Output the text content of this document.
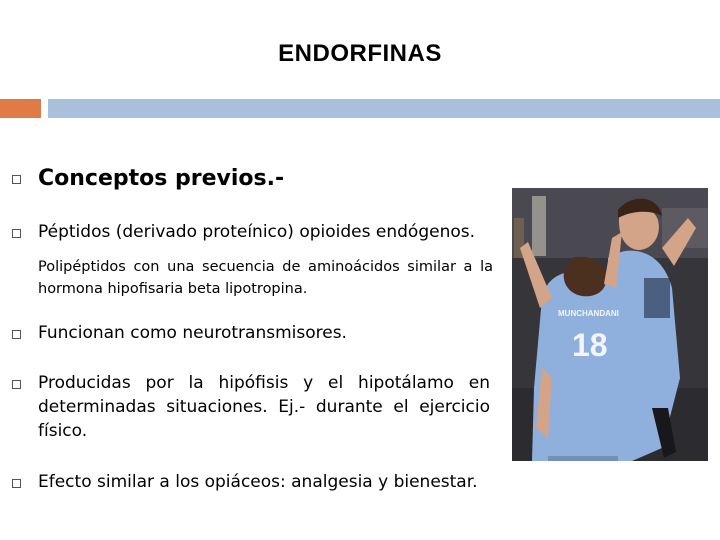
ENDORFINAS
Conceptos previos.-
Péptidos (derivado proteínico) opioides endógenos.
Polipéptidos con una secuencia de aminoácidos similar a la hormona hipofisaria beta lipotropina.
Funcionan como neurotransmisores.
Producidas por la hipófisis y el hipotálamo en determinadas situaciones. Ej.- durante el ejercicio físico.
Efecto similar a los opiáceos: analgesia y bienestar.
18
MUNCHANDANI
